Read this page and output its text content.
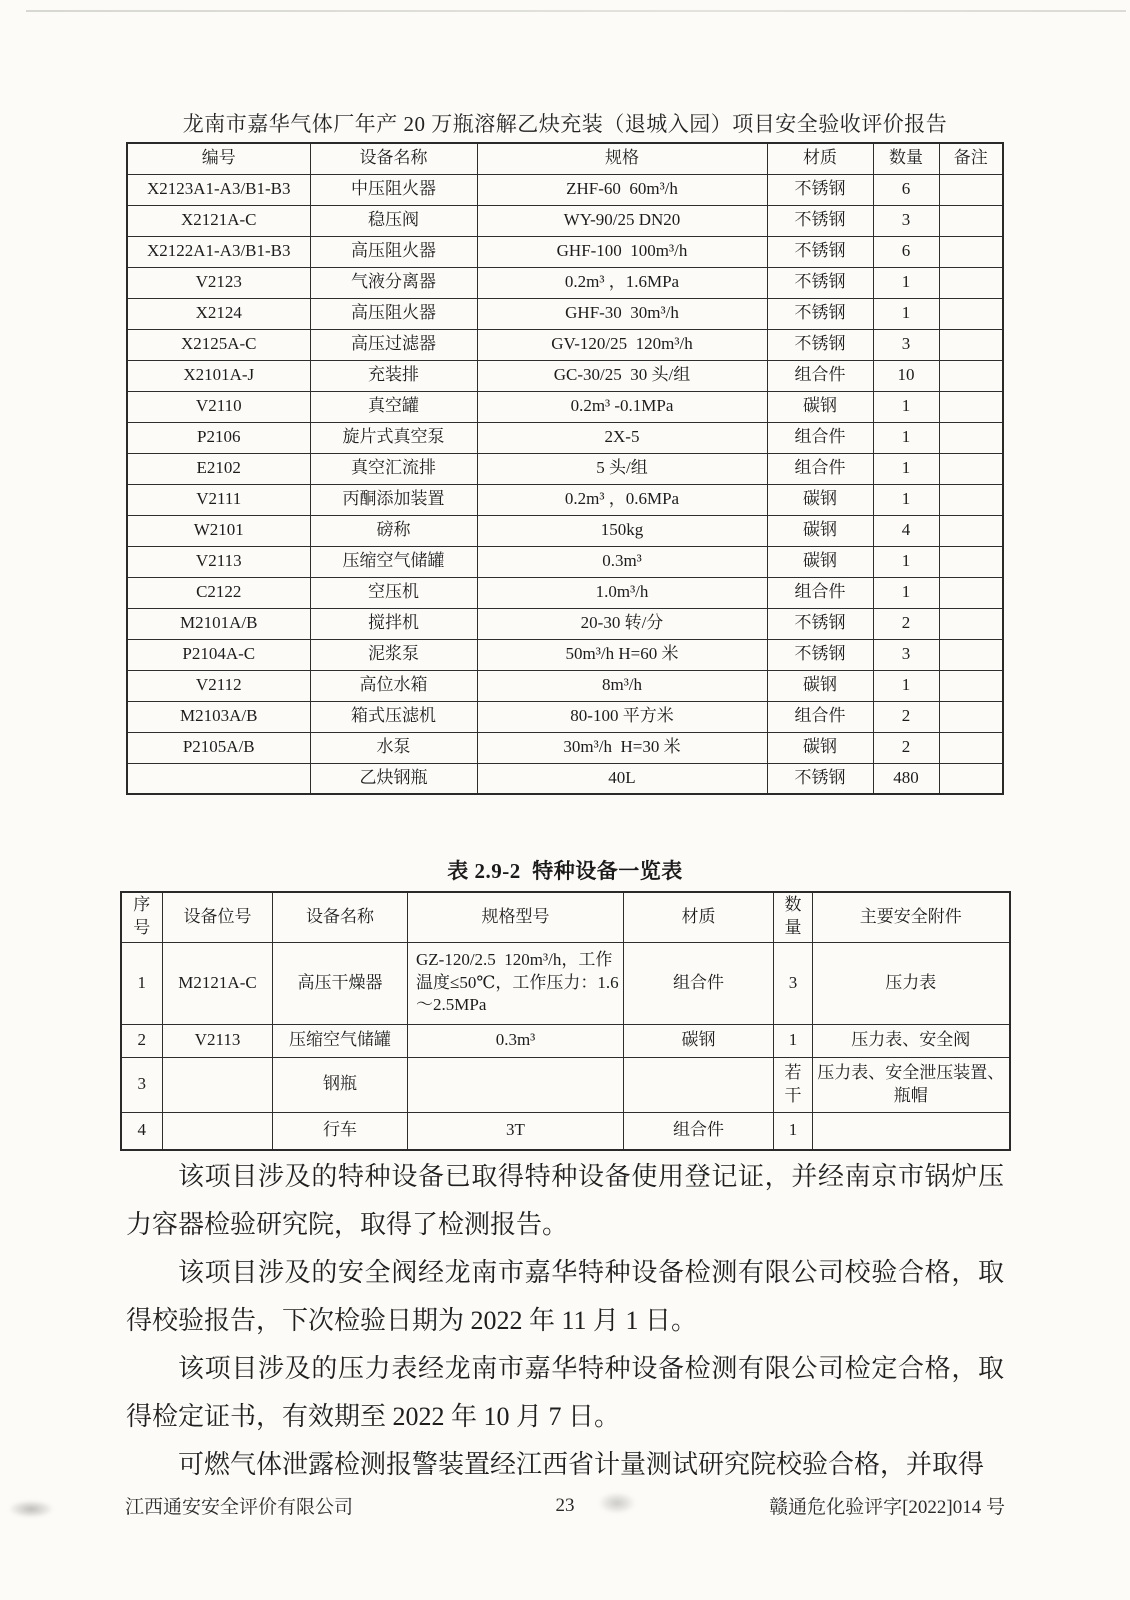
龙南市嘉华气体厂年产 20 万瓶溶解乙炔充装（退城入园）项目安全验收评价报告
编号	设备名称	规格	材质	数量	备注
X2123A1-A3/B1-B3	中压阻火器	ZHF-60  60m³/h	不锈钢	6	
X2121A-C	稳压阀	WY-90/25 DN20	不锈钢	3	
X2122A1-A3/B1-B3	高压阻火器	GHF-100  100m³/h	不锈钢	6	
V2123	气液分离器	0.2m³ ，1.6MPa	不锈钢	1	
X2124	高压阻火器	GHF-30  30m³/h	不锈钢	1	
X2125A-C	高压过滤器	GV-120/25  120m³/h	不锈钢	3	
X2101A-J	充装排	GC-30/25  30 头/组	组合件	10	
V2110	真空罐	0.2m³ -0.1MPa	碳钢	1	
P2106	旋片式真空泵	2X-5	组合件	1	
E2102	真空汇流排	5 头/组	组合件	1	
V2111	丙酮添加装置	0.2m³ ，0.6MPa	碳钢	1	
W2101	磅称	150kg	碳钢	4	
V2113	压缩空气储罐	0.3m³	碳钢	1	
C2122	空压机	1.0m³/h	组合件	1	
M2101A/B	搅拌机	20-30 转/分	不锈钢	2	
P2104A-C	泥浆泵	50m³/h H=60 米	不锈钢	3	
V2112	高位水箱	8m³/h	碳钢	1	
M2103A/B	箱式压滤机	80-100 平方米	组合件	2	
P2105A/B	水泵	30m³/h  H=30 米	碳钢	2	
	乙炔钢瓶	40L	不锈钢	480	
表 2.9-2  特种设备一览表
序号	设备位号	设备名称	规格型号	材质	数量	主要安全附件
1	M2121A-C	高压干燥器	GZ-120/2.5  120m³/h，工作温度≤50℃，工作压力：1.6～2.5MPa	组合件	3	压力表
2	V2113	压缩空气储罐	0.3m³	碳钢	1	压力表、安全阀
3		钢瓶			若干	压力表、安全泄压装置、瓶帽
4		行车	3T	组合件	1	

该项目涉及的特种设备已取得特种设备使用登记证，并经南京市锅炉压力容器检验研究院，取得了检测报告。

该项目涉及的安全阀经龙南市嘉华特种设备检测有限公司校验合格，取得校验报告，下次检验日期为 2022 年 11 月 1 日。

该项目涉及的压力表经龙南市嘉华特种设备检测有限公司检定合格，取得检定证书，有效期至 2022 年 10 月 7 日。

可燃气体泄露检测报警装置经江西省计量测试研究院校验合格，并取得

江西通安安全评价有限公司	23	赣通危化验评字[2022]014 号
